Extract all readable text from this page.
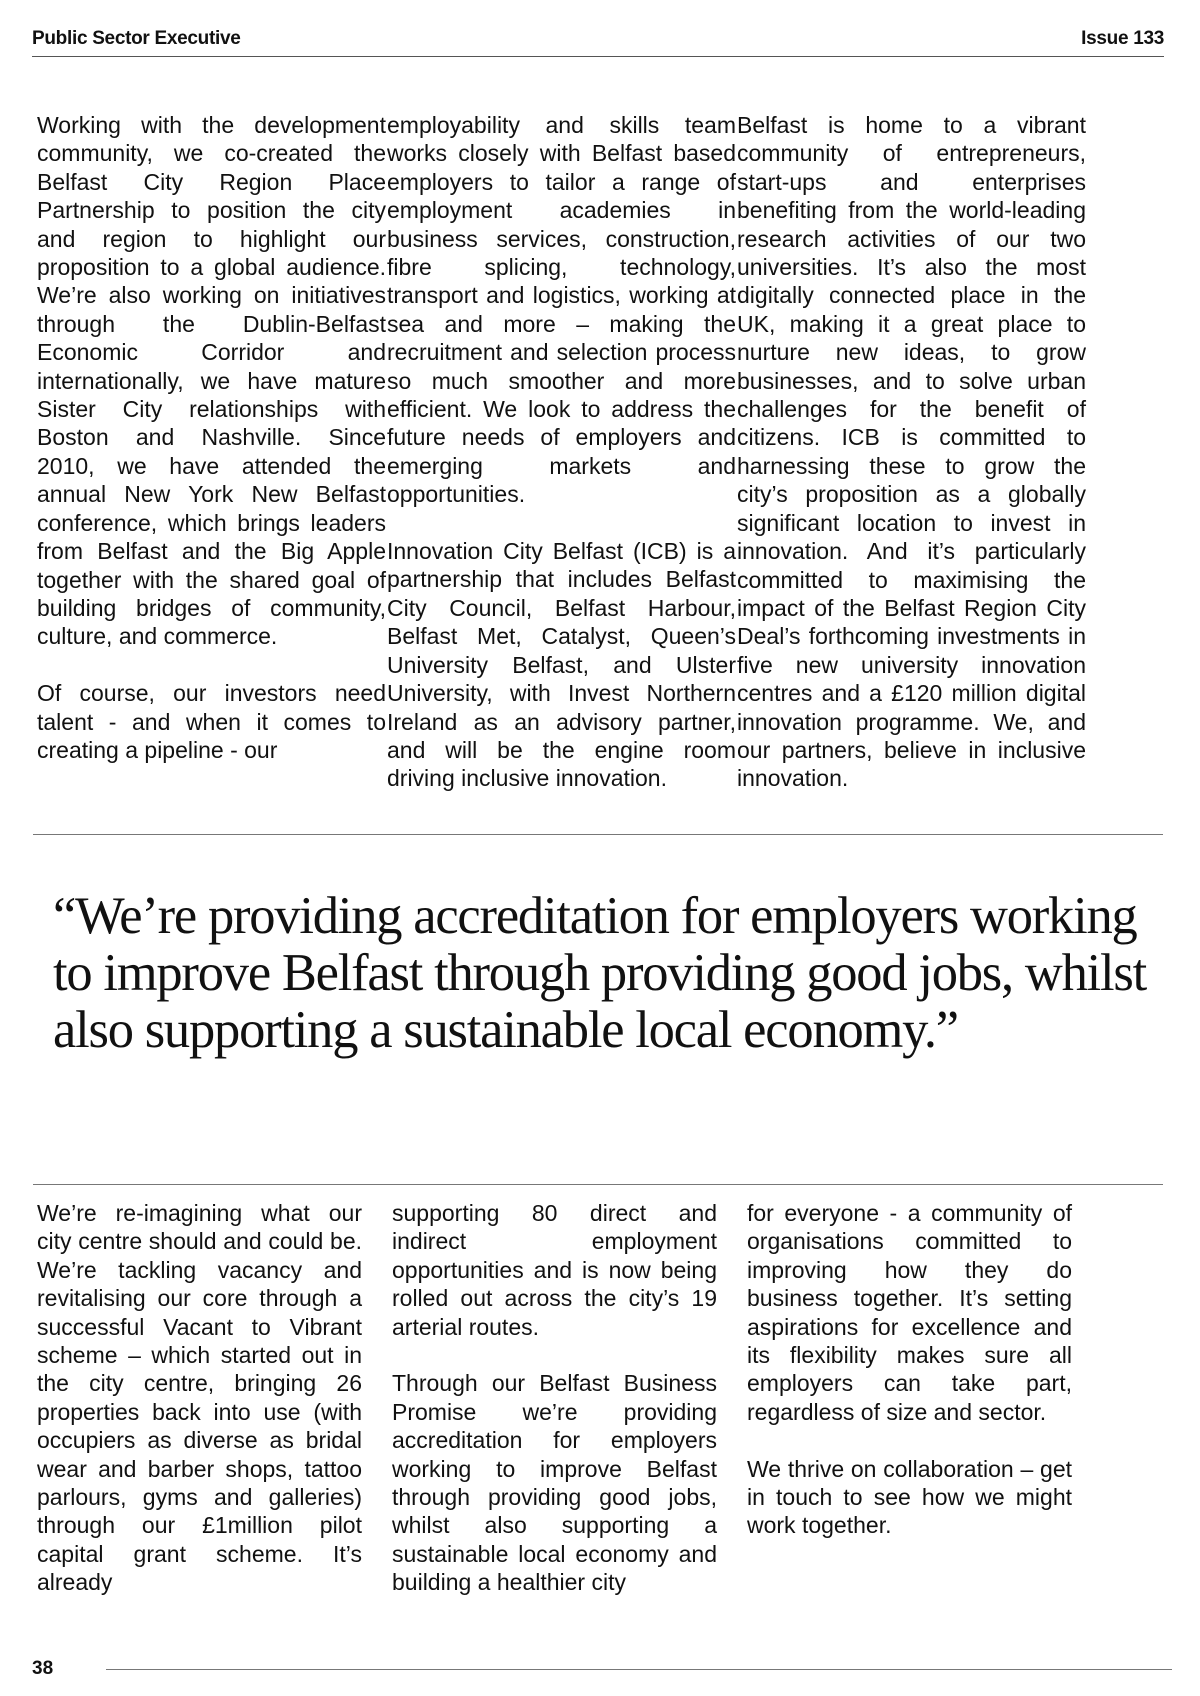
Public Sector Executive	Issue 133

Working with the development community, we co-created the Belfast City Region Place Partnership to position the city and region to highlight our proposition to a global audience. We’re also working on initiatives through the Dublin-Belfast Economic Corridor and internationally, we have mature Sister City relationships with Boston and Nashville. Since 2010, we have attended the annual New York New Belfast conference, which brings leaders from Belfast and the Big Apple together with the shared goal of building bridges of community, culture, and commerce.

Of course, our investors need talent - and when it comes to creating a pipeline - our

employability and skills team works closely with Belfast based employers to tailor a range of employment academies in business services, construction, fibre splicing, technology, transport and logistics, working at sea and more – making the recruitment and selection process so much smoother and more efficient. We look to address the future needs of employers and emerging markets and opportunities.

Innovation City Belfast (ICB) is a partnership that includes Belfast City Council, Belfast Harbour, Belfast Met, Catalyst, Queen’s University Belfast, and Ulster University, with Invest Northern Ireland as an advisory partner, and will be the engine room driving inclusive innovation.

Belfast is home to a vibrant community of entrepreneurs, start-ups and enterprises benefiting from the world-leading research activities of our two universities. It’s also the most digitally connected place in the UK, making it a great place to nurture new ideas, to grow businesses, and to solve urban challenges for the benefit of citizens. ICB is committed to harnessing these to grow the city’s proposition as a globally significant location to invest in innovation. And it’s particularly committed to maximising the impact of the Belfast Region City Deal’s forthcoming investments in five new university innovation centres and a £120 million digital innovation programme. We, and our partners, believe in inclusive innovation.

“We’re providing accreditation for employers working to improve Belfast through providing good jobs, whilst also supporting a sustainable local economy.”

We’re re-imagining what our city centre should and could be. We’re tackling vacancy and revitalising our core through a successful Vacant to Vibrant scheme – which started out in the city centre, bringing 26 properties back into use (with occupiers as diverse as bridal wear and barber shops, tattoo parlours, gyms and galleries) through our £1million pilot capital grant scheme. It’s already

supporting 80 direct and indirect employment opportunities and is now being rolled out across the city’s 19 arterial routes.

Through our Belfast Business Promise we’re providing accreditation for employers working to improve Belfast through providing good jobs, whilst also supporting a sustainable local economy and building a healthier city

for everyone - a community of organisations committed to improving how they do business together. It’s setting aspirations for excellence and its flexibility makes sure all employers can take part, regardless of size and sector.

We thrive on collaboration – get in touch to see how we might work together.

38
